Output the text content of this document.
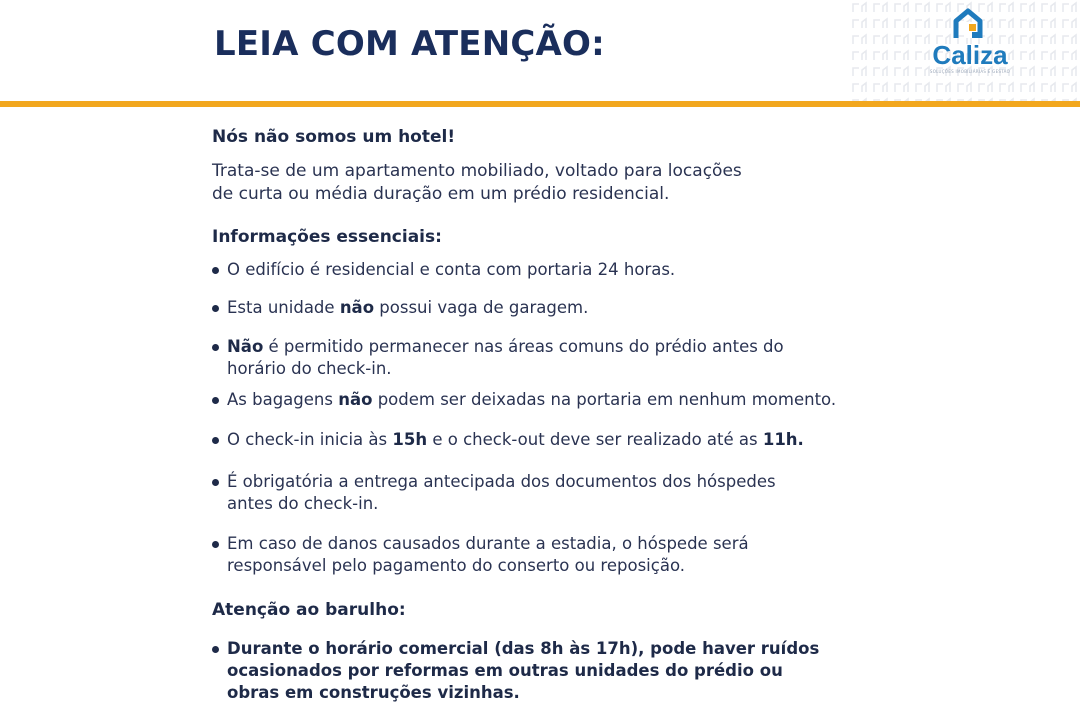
LEIA COM ATENÇÃO:	Caliza
SOLUÇÕES IMOBILIÁRIAS E GESTÃO
Nós não somos um hotel!

Trata-se de um apartamento mobiliado, voltado para locações

de curta ou média duração em um prédio residencial.

Informações essenciais:
O edifício é residencial e conta com portaria 24 horas.
Esta unidade não possui vaga de garagem.
Não é permitido permanecer nas áreas comuns do prédio antes do
horário do check-in.
As bagagens não podem ser deixadas na portaria em nenhum momento.
O check-in inicia às 15h e o check-out deve ser realizado até as 11h.
É obrigatória a entrega antecipada dos documentos dos hóspedes
antes do check-in.
Em caso de danos causados durante a estadia, o hóspede será
responsável pelo pagamento do conserto ou reposição.
Atenção ao barulho:
Durante o horário comercial (das 8h às 17h), pode haver ruídos
ocasionados por reformas em outras unidades do prédio ou
obras em construções vizinhas.
